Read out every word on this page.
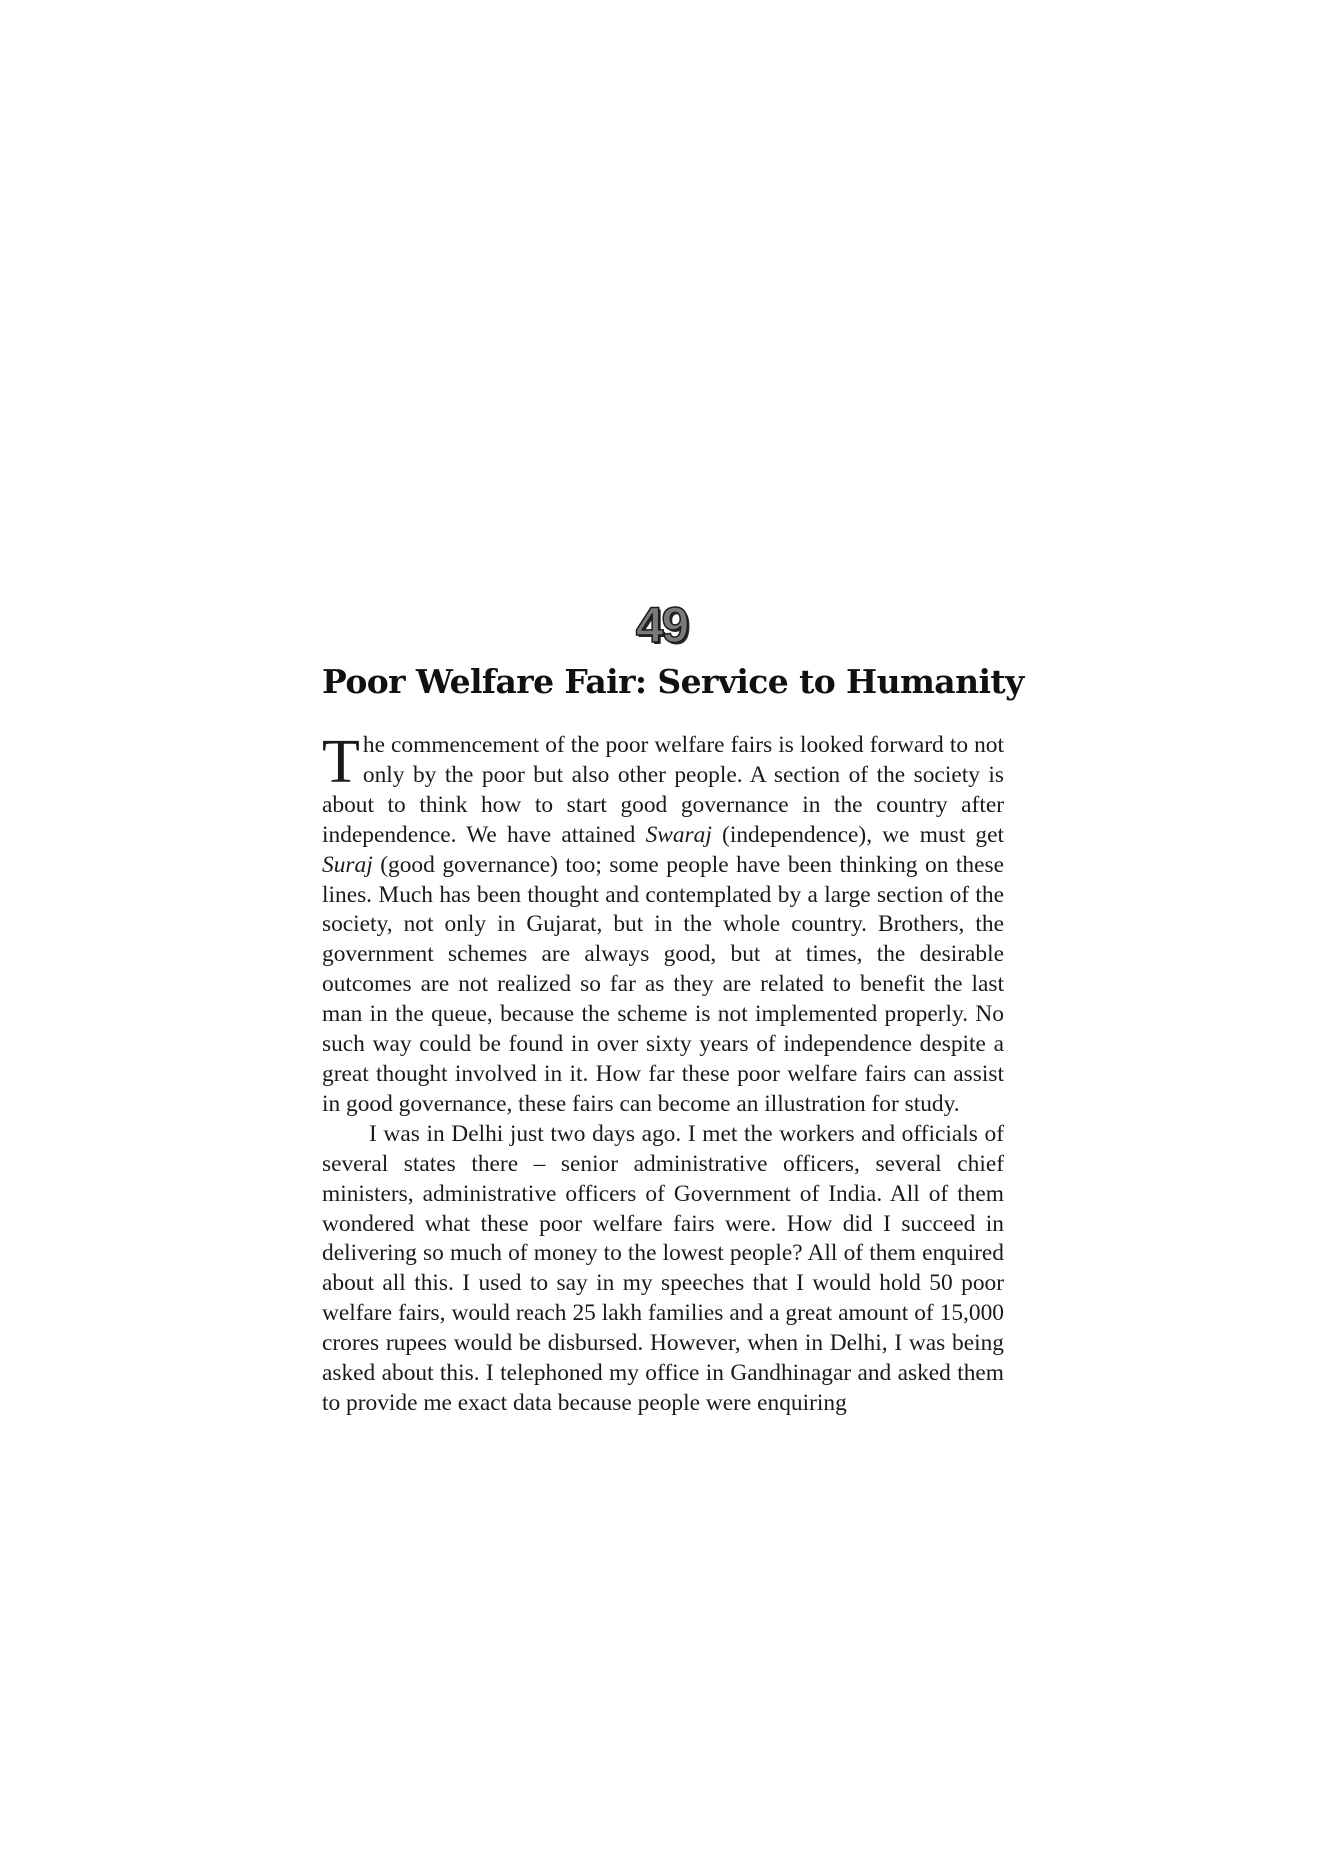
49
Poor Welfare Fair: Service to Humanity

The commencement of the poor welfare fairs is looked forward to not only by the poor but also other people. A section of the society is about to think how to start good governance in the country after independence. We have attained Swaraj (independence), we must get Suraj (good governance) too; some people have been thinking on these lines. Much has been thought and contemplated by a large section of the society, not only in Gujarat, but in the whole country. Brothers, the government schemes are always good, but at times, the desirable outcomes are not realized so far as they are related to benefit the last man in the queue, because the scheme is not implemented properly. No such way could be found in over sixty years of independence despite a great thought involved in it. How far these poor welfare fairs can assist in good governance, these fairs can become an illustration for study.

I was in Delhi just two days ago. I met the workers and officials of several states there – senior administrative officers, several chief ministers, administrative officers of Government of India. All of them wondered what these poor welfare fairs were. How did I succeed in delivering so much of money to the lowest people? All of them enquired about all this. I used to say in my speeches that I would hold 50 poor welfare fairs, would reach 25 lakh families and a great amount of 15,000 crores rupees would be disbursed. However, when in Delhi, I was being asked about this. I telephoned my office in Gandhinagar and asked them to provide me exact data because people were enquiring
